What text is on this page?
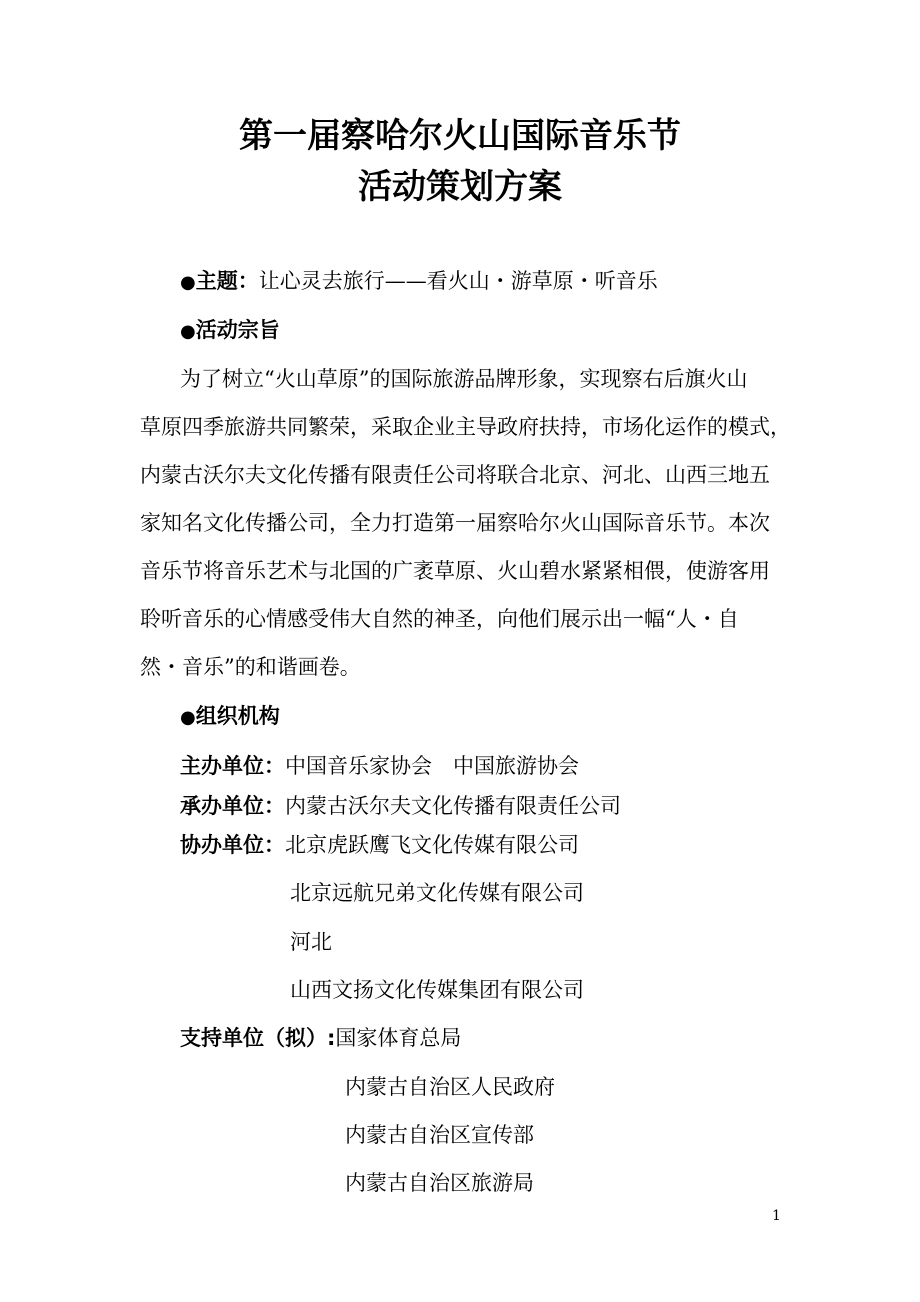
第一届察哈尔火山国际音乐节
活动策划方案
●主题：让心灵去旅行——看火山・游草原・听音乐
●活动宗旨
为了树立“火山草原”的国际旅游品牌形象，实现察右后旗火山
草原四季旅游共同繁荣，采取企业主导政府扶持，市场化运作的模式，
内蒙古沃尔夫文化传播有限责任公司将联合北京、河北、山西三地五
家知名文化传播公司，全力打造第一届察哈尔火山国际音乐节。本次
音乐节将音乐艺术与北国的广袤草原、火山碧水紧紧相偎，使游客用
聆听音乐的心情感受伟大自然的神圣，向他们展示出一幅“人・自
然・音乐”的和谐画卷。
●组织机构
主办单位：中国音乐家协会　中国旅游协会
承办单位：内蒙古沃尔夫文化传播有限责任公司
协办单位：北京虎跃鹰飞文化传媒有限公司
北京远航兄弟文化传媒有限公司
河北
山西文扬文化传媒集团有限公司
支持单位（拟）:国家体育总局
内蒙古自治区人民政府
内蒙古自治区宣传部
内蒙古自治区旅游局
1
